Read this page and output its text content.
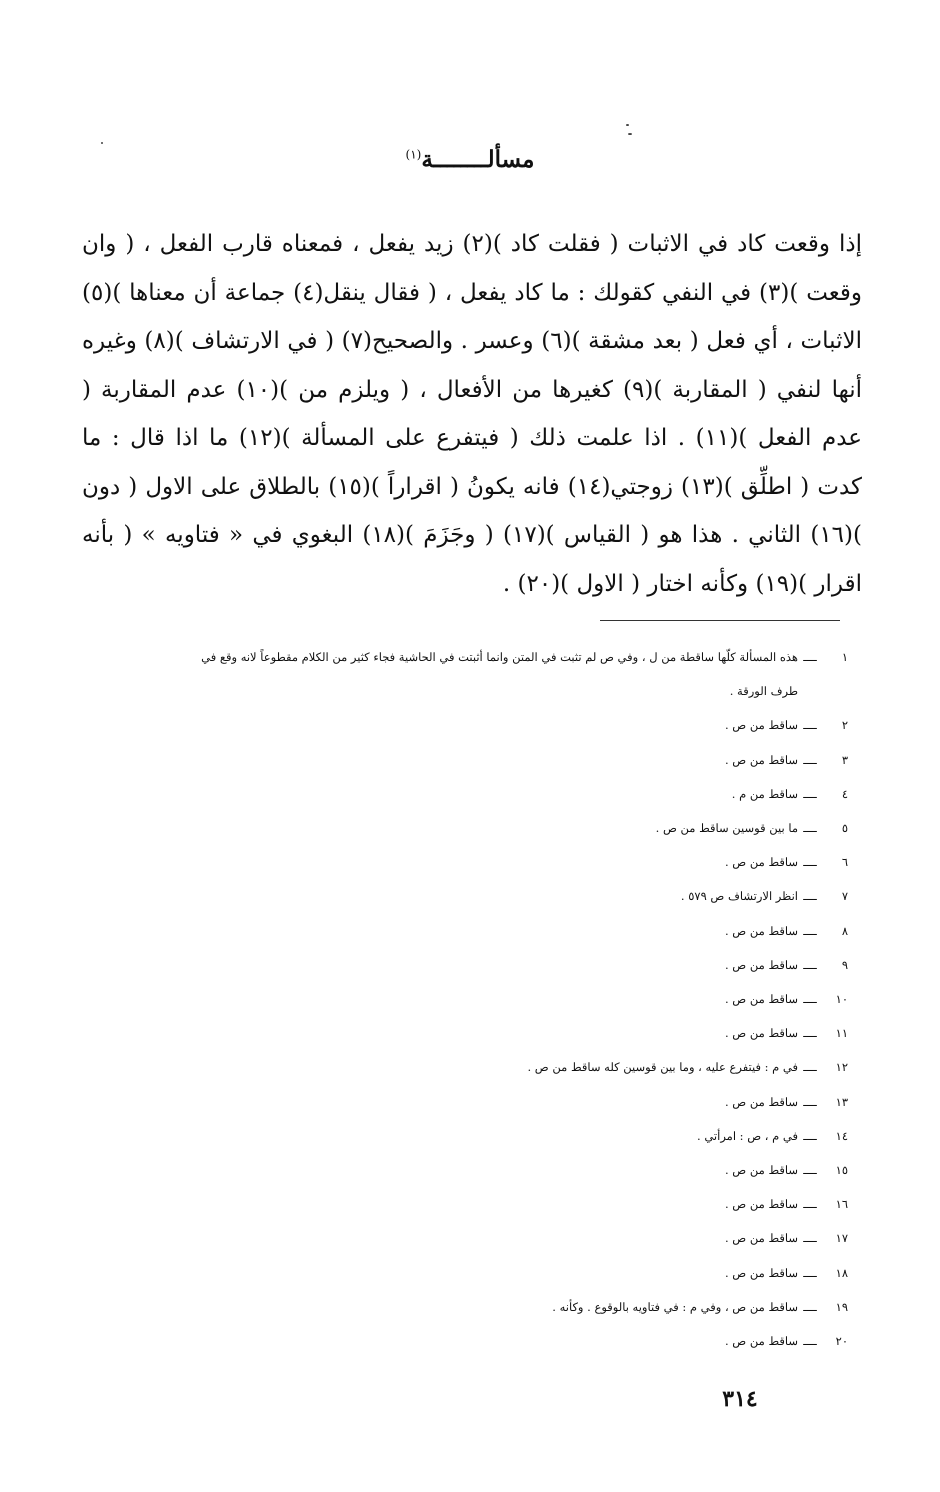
مسألــــــــة$^{(١)}$
إذا وقعت كاد في الاثبات ( فقلت كاد )(٢) زيد يفعل ، فمعناه قارب الفعل ، ( وان وقعت )(٣) في النفي كقولك : ما كاد يفعل ، ( فقال ينقل(٤) جماعة أن معناها )(٥) الاثبات ، أي فعل ( بعد مشقة )(٦) وعسر . والصحيح(٧) ( في الارتشاف )(٨) وغيره أنها لنفي ( المقاربة )(٩) كغيرها من الأفعال ، ( ويلزم من )(١٠) عدم المقاربة ( عدم الفعل )(١١) . اذا علمت ذلك ( فيتفرع على المسألة )(١٢) ما اذا قال : ما كدت ( اطلِّق )(١٣) زوجتي(١٤) فانه يكونُ ( اقراراً )(١٥) بالطلاق على الاول ( دون )(١٦) الثاني . هذا هو ( القياس )(١٧) ( وجَزَمَ )(١٨) البغوي في « فتاويه » ( بأنه اقرار )(١٩) وكأنه اختار ( الاول )(٢٠) .
١
ــــ
هذه المسألة كلّها ساقطة من ل ، وفي ص لم تثبت في المتن وانما أثبتت في الحاشية فجاء كثير من الكلام مقطوعاً لانه وقع في
طرف الورقة .
٢
ــــ
ساقط من ص .
٣
ــــ
ساقط من ص .
٤
ــــ
ساقط من م .
٥
ــــ
ما بين قوسين ساقط من ص .
٦
ــــ
ساقط من ص .
٧
ــــ
انظر الارتشاف ص ٥٧٩ .
٨
ــــ
ساقط من ص .
٩
ــــ
ساقط من ص .
١٠
ــــ
ساقط من ص .
١١
ــــ
ساقط من ص .
١٢
ــــ
في م : فيتفرع عليه ، وما بين قوسين كله ساقط من ص .
١٣
ــــ
ساقط من ص .
١٤
ــــ
في م ، ص : امرأتي .
١٥
ــــ
ساقط من ص .
١٦
ــــ
ساقط من ص .
١٧
ــــ
ساقط من ص .
١٨
ــــ
ساقط من ص .
١٩
ــــ
ساقط من ص ، وفي م : في فتاويه بالوقوع . وكأنه .
٢٠
ــــ
ساقط من ص .
٣١٤
